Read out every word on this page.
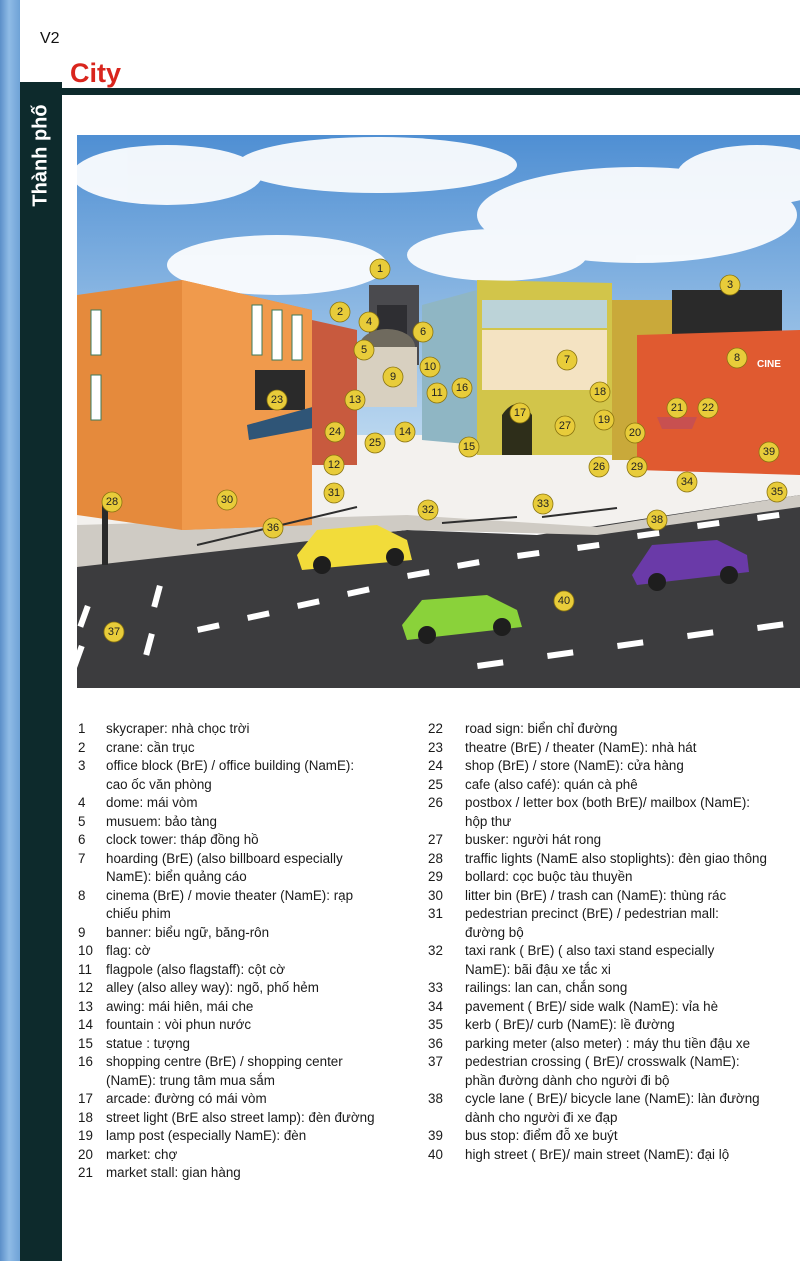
V2
Thành phố
City
CINE
1
2
3
4
5
6
7	8
9
10
11
12
13
14
15
16
17
18
19
20
21 22
23
24
25
26
27
28
29
30
31
32	33
34
35
36
37
38
39
40
1	skycraper: nhà chọc trời
2	crane: cần trục
3	office block (BrE) / office building (NamE):
cao ốc văn phòng
4	dome: mái vòm
5	musuem: bảo tàng
6	clock tower: tháp đồng hồ
7	hoarding (BrE) (also billboard especially
NamE): biển quảng cáo
8	cinema (BrE) / movie theater (NamE): rạp
chiếu phim
9	banner: biểu ngữ, băng-rôn
10 flag: cờ
11	flagpole (also flagstaff): cột cờ
12 alley (also alley way): ngõ, phố hẻm
13 awing: mái hiên, mái che
14 fountain : vòi phun nước
15 statue : tượng
16 shopping centre (BrE) / shopping center
(NamE): trung tâm mua sắm
17 arcade: đường có mái vòm
18 street light (BrE also street lamp): đèn đường
19 lamp post (especially NamE): đèn
20 market: chợ
21 market stall: gian hàng
22	road sign: biển chỉ đường
23	theatre (BrE) / theater (NamE): nhà hát
24	shop (BrE) / store (NamE): cửa hàng
25	cafe (also café): quán cà phê
26	postbox / letter box (both BrE)/ mailbox (NamE):
hộp thư
27	busker: người hát rong
28	traffic lights (NamE also stoplights): đèn giao thông
29	bollard: cọc buộc tàu thuyền
30	litter bin (BrE) / trash can (NamE): thùng rác
31	pedestrian precinct (BrE) / pedestrian mall:
đường bộ
32	taxi rank ( BrE) ( also taxi stand especially
NamE): bãi đậu xe tắc xi
33	railings: lan can, chắn song
34	pavement ( BrE)/ side walk (NamE): vỉa hè
35	kerb ( BrE)/ curb (NamE): lề đường
36	parking meter (also meter) : máy thu tiền đậu xe
37	pedestrian crossing ( BrE)/ crosswalk (NamE):
phần đường dành cho người đi bộ
38	cycle lane ( BrE)/ bicycle lane (NamE): làn đường
dành cho người đi xe đạp
39	bus stop: điểm đỗ xe buýt
40	high street ( BrE)/ main street (NamE): đại lộ
